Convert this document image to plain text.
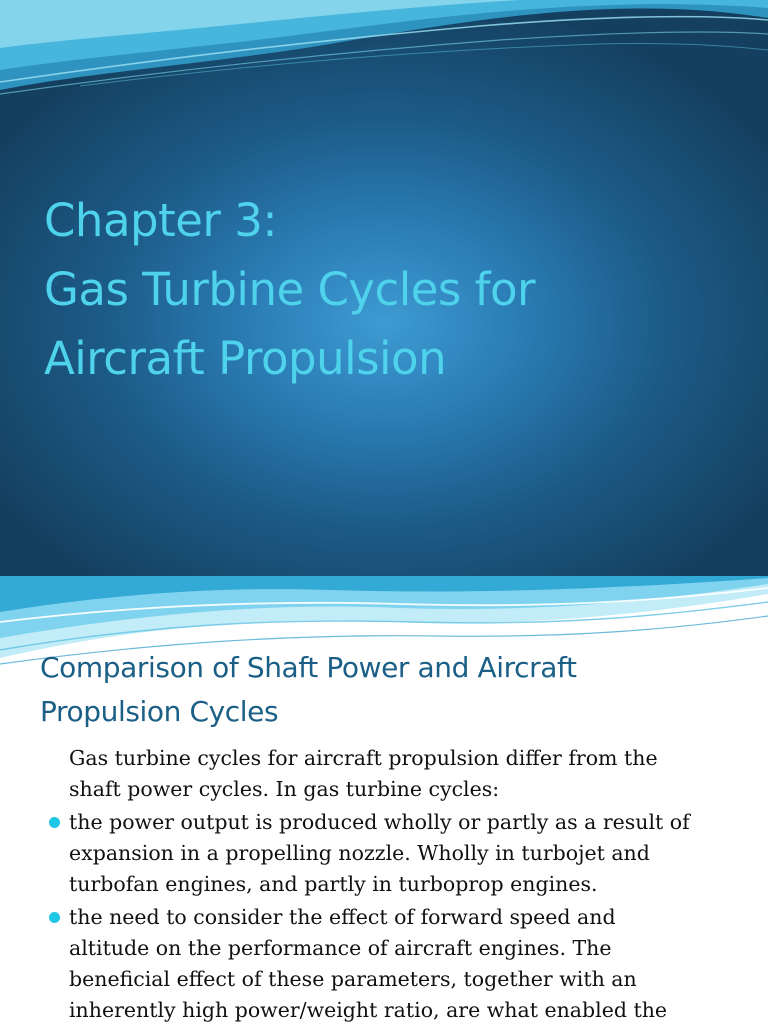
Chapter 3:
Gas Turbine Cycles for
Aircraft Propulsion
Comparison of Shaft Power and Aircraft
Propulsion Cycles
Gas turbine cycles for aircraft propulsion differ from the
shaft power cycles. In gas turbine cycles:
the power output is produced wholly or partly as a result of
expansion in a propelling nozzle. Wholly in turbojet and
turbofan engines, and partly in turboprop engines.
the need to consider the effect of forward speed and
altitude on the performance of aircraft engines. The
beneficial effect of these parameters, together with an
inherently high power/weight ratio, are what enabled the
